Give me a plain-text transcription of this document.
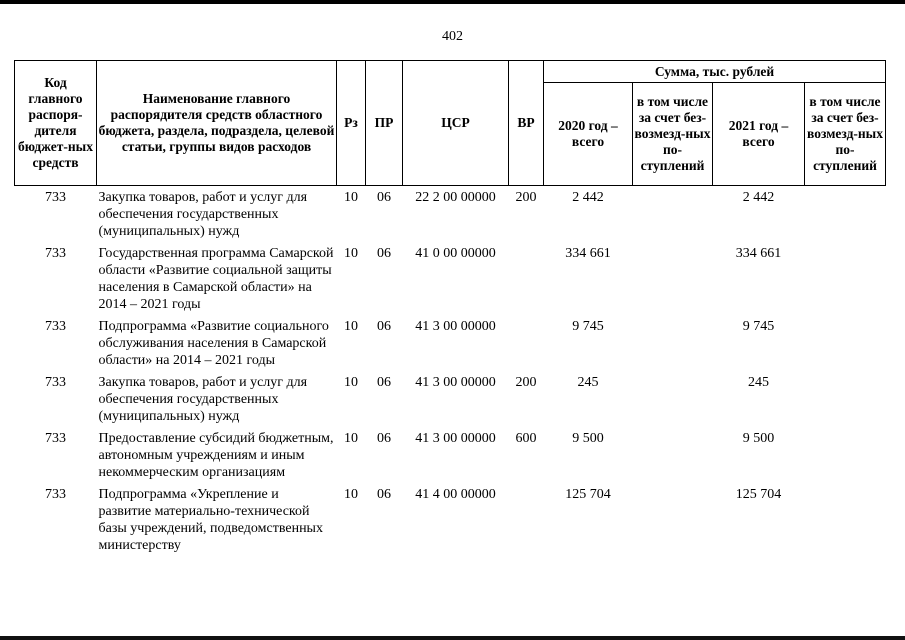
402
Код главного распоря-дителя бюджет-ных средств	Наименование главного распорядителя средств областного бюджета, раздела, подраздела, целевой статьи, группы видов расходов	Рз	ПР	ЦСР	ВР	Сумма, тыс. рублей			
						2020 год – всего	в том числе за счет без-возмезд-ных по-ступлений	2021 год – всего	в том числе за счет без-возмезд-ных по-ступлений
733	Закупка товаров, работ и услуг для обеспечения государственных (муниципальных) нужд	10	06	22 2 00 00000	200	2 442		2 442	
733	Государственная программа Самарской области «Развитие социальной защиты населения в Самарской области» на 2014 – 2021 годы	10	06	41 0 00 00000		334 661		334 661	
733	Подпрограмма «Развитие социального обслуживания населения в Самарской области» на 2014 – 2021 годы	10	06	41 3 00 00000		9 745		9 745	
733	Закупка товаров, работ и услуг для обеспечения государственных (муниципальных) нужд	10	06	41 3 00 00000	200	245		245	
733	Предоставление субсидий бюджетным, автономным учреждениям и иным некоммерческим организациям	10	06	41 3 00 00000	600	9 500		9 500	
733	Подпрограмма «Укрепление и развитие материально-технической базы учреждений, подведомственных министерству	10	06	41 4 00 00000		125 704		125 704	
